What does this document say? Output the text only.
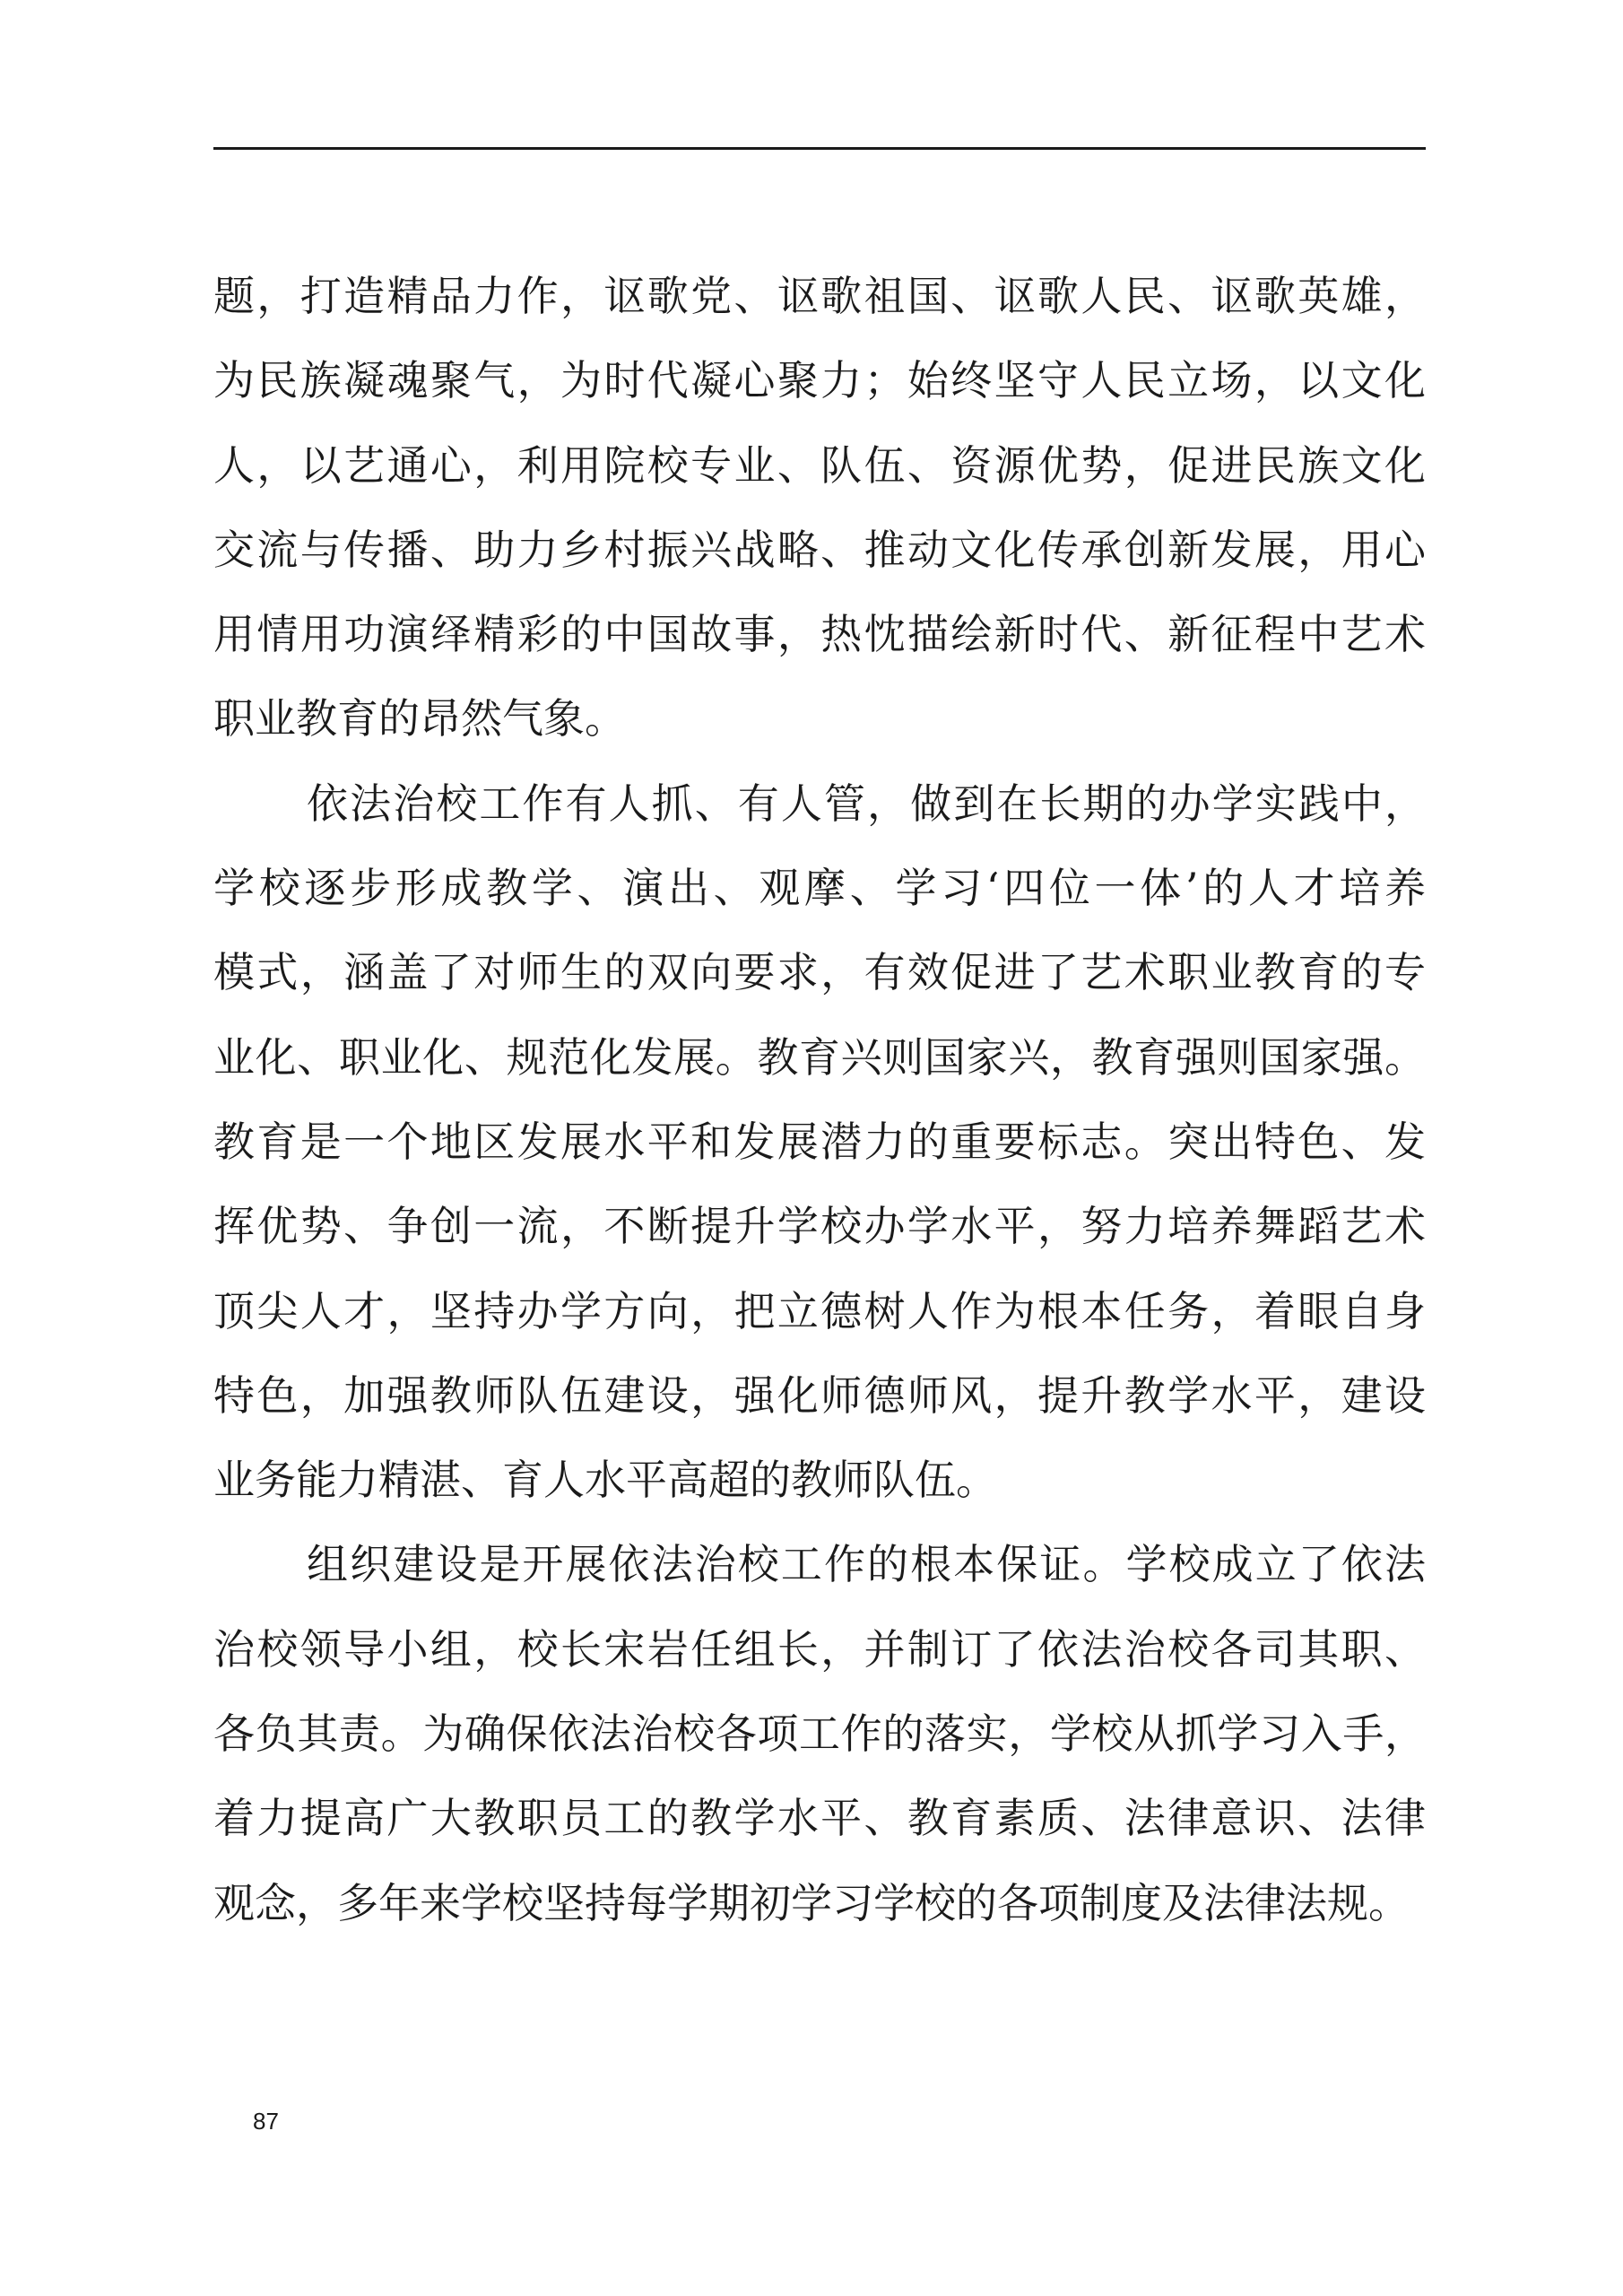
题，打造精品力作，讴歌党、讴歌祖国、讴歌人民、讴歌英雄，
为民族凝魂聚气，为时代凝心聚力；始终坚守人民立场，以文化
人，以艺通心，利用院校专业、队伍、资源优势，促进民族文化
交流与传播、助力乡村振兴战略、推动文化传承创新发展，用心
用情用功演绎精彩的中国故事，热忱描绘新时代、新征程中艺术
职业教育的昂然气象。
依法治校工作有人抓、有人管，做到在长期的办学实践中，
学校逐步形成教学、演出、观摩、学习‘四位一体’的人才培养
模式，涵盖了对师生的双向要求，有效促进了艺术职业教育的专
业化、职业化、规范化发展。教育兴则国家兴，教育强则国家强。
教育是一个地区发展水平和发展潜力的重要标志。突出特色、发
挥优势、争创一流，不断提升学校办学水平，努力培养舞蹈艺术
顶尖人才，坚持办学方向，把立德树人作为根本任务，着眼自身
特色，加强教师队伍建设，强化师德师风，提升教学水平，建设
业务能力精湛、育人水平高超的教师队伍。
组织建设是开展依法治校工作的根本保证。学校成立了依法
治校领导小组，校长宋岩任组长，并制订了依法治校各司其职、
各负其责。为确保依法治校各项工作的落实，学校从抓学习入手，
着力提高广大教职员工的教学水平、教育素质、法律意识、法律
观念，多年来学校坚持每学期初学习学校的各项制度及法律法规。
87
